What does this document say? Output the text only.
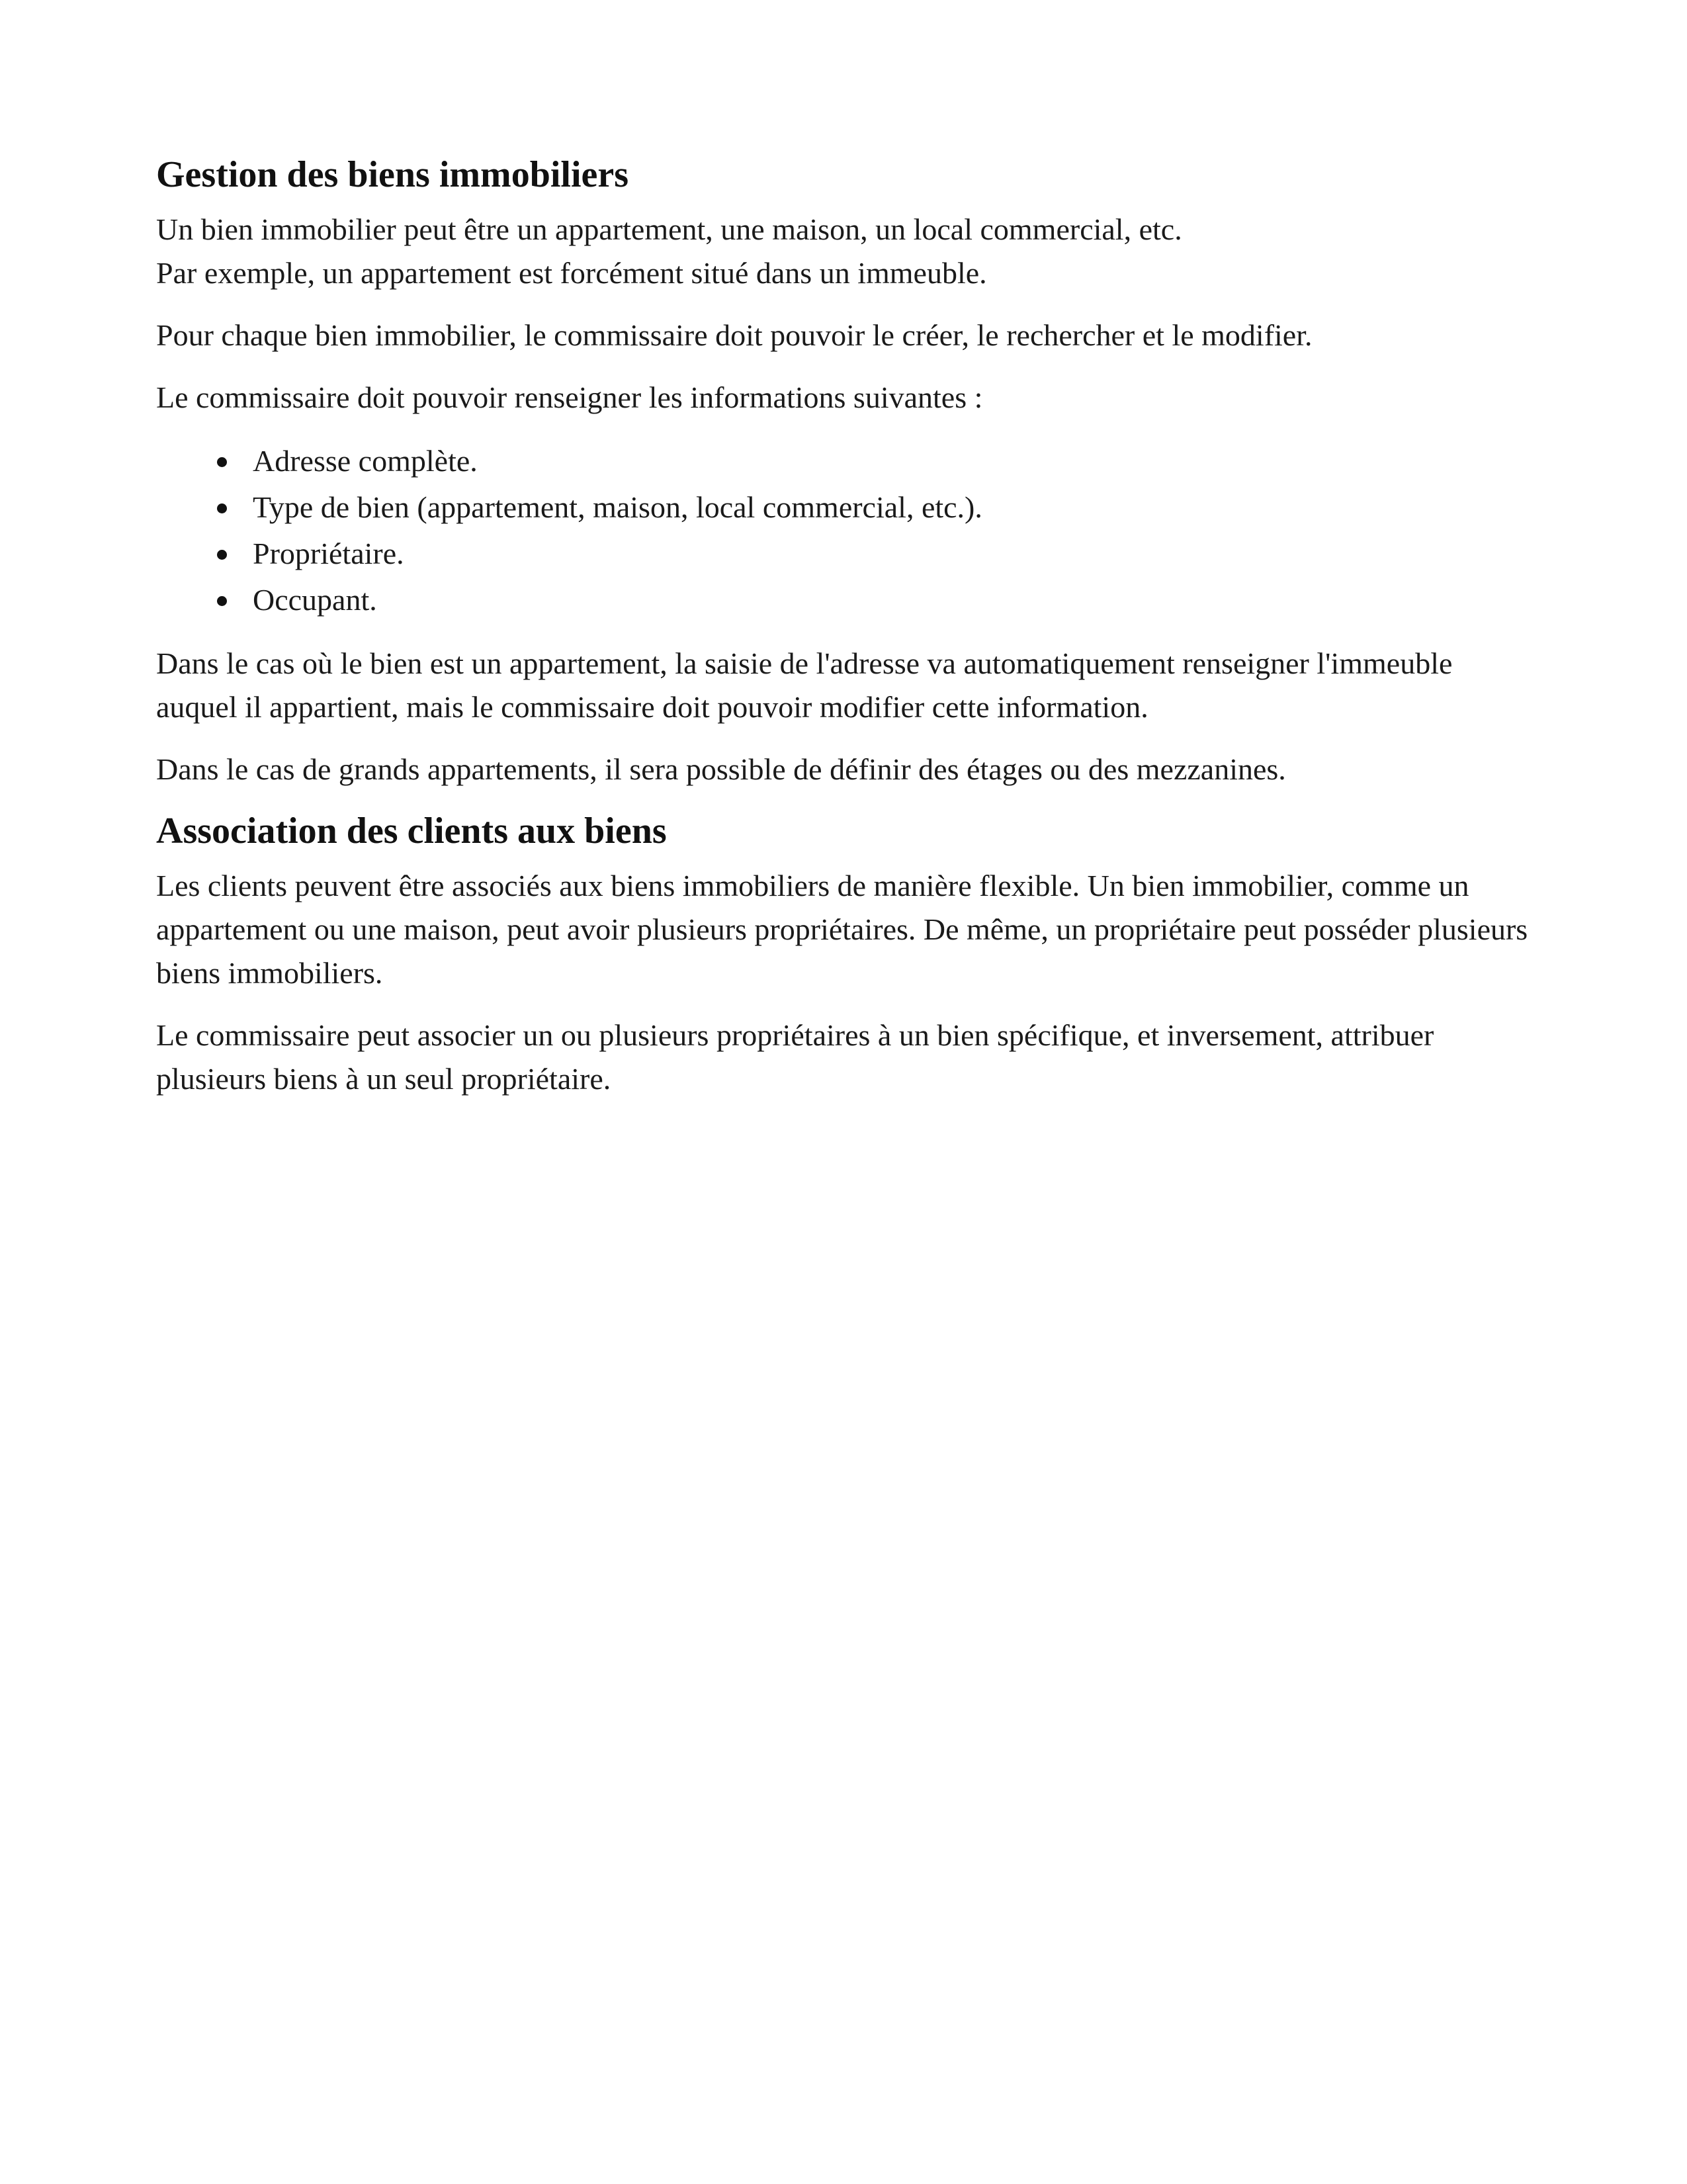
Gestion des biens immobiliers

Un bien immobilier peut être un appartement, une maison, un local commercial, etc.
Par exemple, un appartement est forcément situé dans un immeuble.

Pour chaque bien immobilier, le commissaire doit pouvoir le créer, le rechercher et le modifier.

Le commissaire doit pouvoir renseigner les informations suivantes :

Adresse complète.
Type de bien (appartement, maison, local commercial, etc.).
Propriétaire.
Occupant.

Dans le cas où le bien est un appartement, la saisie de l'adresse va automatiquement renseigner l'immeuble auquel il appartient, mais le commissaire doit pouvoir modifier cette information.

Dans le cas de grands appartements, il sera possible de définir des étages ou des mezzanines.

Association des clients aux biens

Les clients peuvent être associés aux biens immobiliers de manière flexible. Un bien immobilier, comme un appartement ou une maison, peut avoir plusieurs propriétaires. De même, un propriétaire peut posséder plusieurs biens immobiliers.

Le commissaire peut associer un ou plusieurs propriétaires à un bien spécifique, et inversement, attribuer plusieurs biens à un seul propriétaire.
